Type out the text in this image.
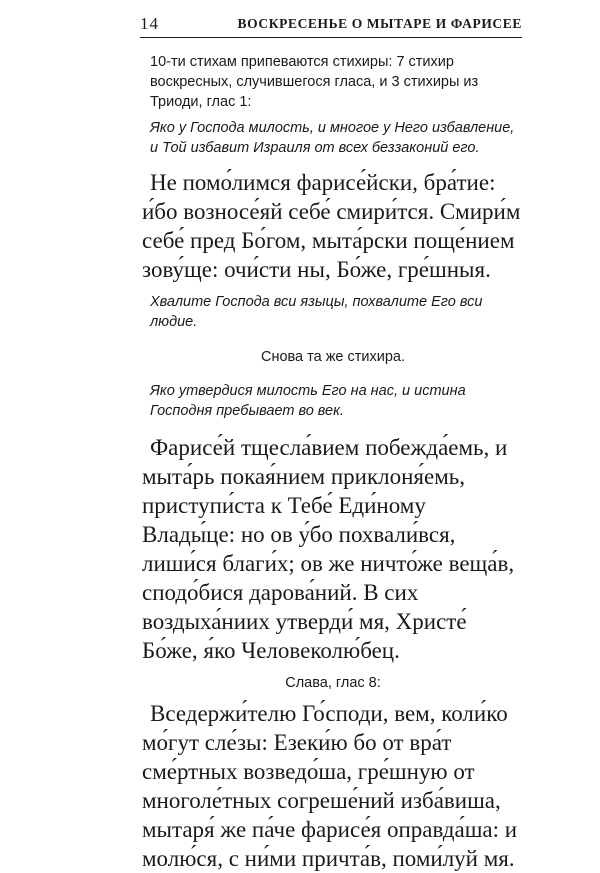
14	ВОСКРЕСЕНЬЕ О МЫТАРЕ И ФАРИСЕЕ

10-ти стихам припеваются стихиры: 7 стихир воскресных, случившегося гласа, и 3 стихиры из Триоди, глас 1:

Яко у Господа милость, и многое у Него избавление, и Той избавит Израиля от всех беззаконий его.

Не помо́лимся фарисе́йски, бра́тие: и́бо возносе́яй себе́ смири́тся. Смири́м себе́ пред Бо́гом, мыта́рски поще́нием зову́ще: очи́сти ны, Бо́же, гре́шныя.

Хвалите Господа вси языцы, похвалите Его вси людие.

Снова та же стихира.

Яко утвердися милость Его на нас, и истина Господня пребывает во век.

Фарисе́й тщесла́вием побежда́емь, и мыта́рь покая́нием приклоня́емь, приступи́ста к Тебе́ Еди́ному Влады́це: но ов у́бо похвали́вся, лиши́ся благи́х; ов же ничто́же веща́в, сподо́бися дарова́ний. В сих воздыха́ниих утверди́ мя, Христе́ Бо́же, я́ко Человеколю́бец.

Слава, глас 8:

Вседержи́телю Го́споди, вем, коли́ко мо́гут сле́зы: Езеки́ю бо от вра́т сме́ртных возведо́ша, гре́шную от многоле́тных согреше́ний изба́виша, мытаря́ же па́че фарисе́я оправда́ша: и молю́ся, с ни́ми причта́в, поми́луй мя.
